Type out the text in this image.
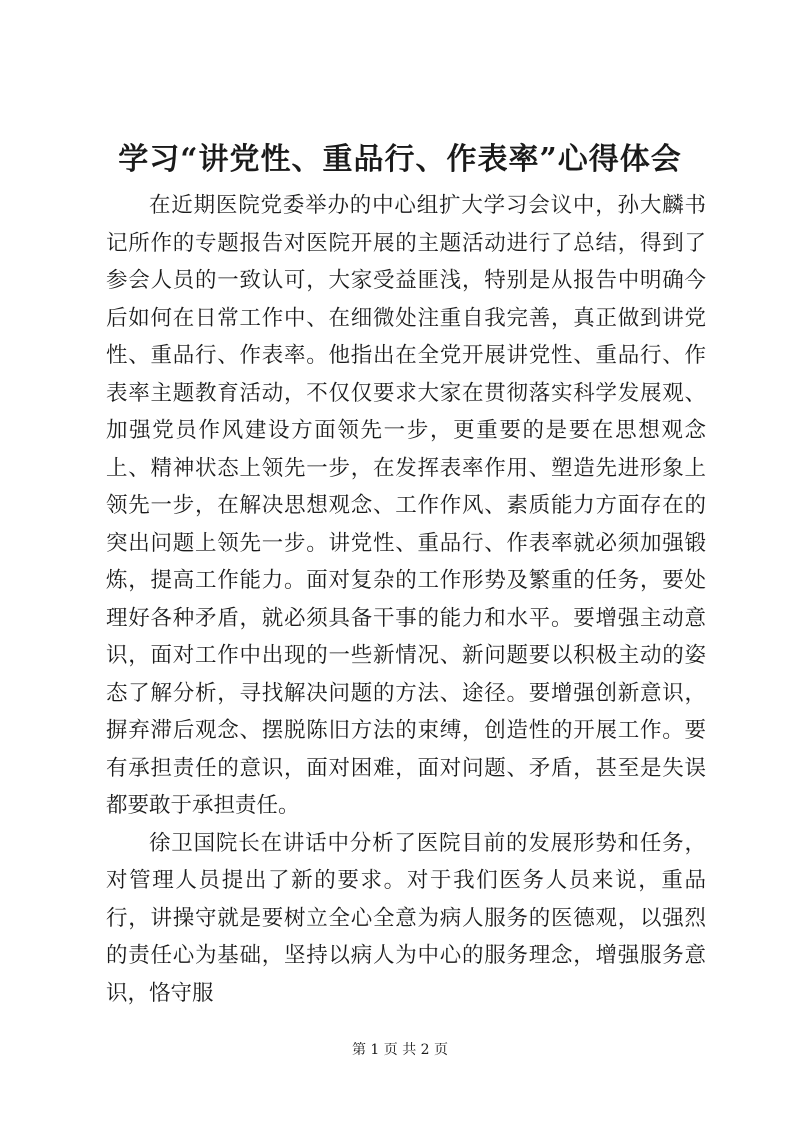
学习“讲党性、重品行、作表率”心得体会

在近期医院党委举办的中心组扩大学习会议中，孙大麟书记所作的专题报告对医院开展的主题活动进行了总结，得到了参会人员的一致认可，大家受益匪浅，特别是从报告中明确今后如何在日常工作中、在细微处注重自我完善，真正做到讲党性、重品行、作表率。他指出在全党开展讲党性、重品行、作表率主题教育活动，不仅仅要求大家在贯彻落实科学发展观、加强党员作风建设方面领先一步，更重要的是要在思想观念上、精神状态上领先一步，在发挥表率作用、塑造先进形象上领先一步，在解决思想观念、工作作风、素质能力方面存在的突出问题上领先一步。讲党性、重品行、作表率就必须加强锻炼，提高工作能力。面对复杂的工作形势及繁重的任务，要处理好各种矛盾，就必须具备干事的能力和水平。要增强主动意识，面对工作中出现的一些新情况、新问题要以积极主动的姿态了解分析，寻找解决问题的方法、途径。要增强创新意识，摒弃滞后观念、摆脱陈旧方法的束缚，创造性的开展工作。要有承担责任的意识，面对困难，面对问题、矛盾，甚至是失误都要敢于承担责任。

徐卫国院长在讲话中分析了医院目前的发展形势和任务，对管理人员提出了新的要求。对于我们医务人员来说，重品行，讲操守就是要树立全心全意为病人服务的医德观，以强烈的责任心为基础，坚持以病人为中心的服务理念，增强服务意识，恪守服

第 1 页 共 2 页
